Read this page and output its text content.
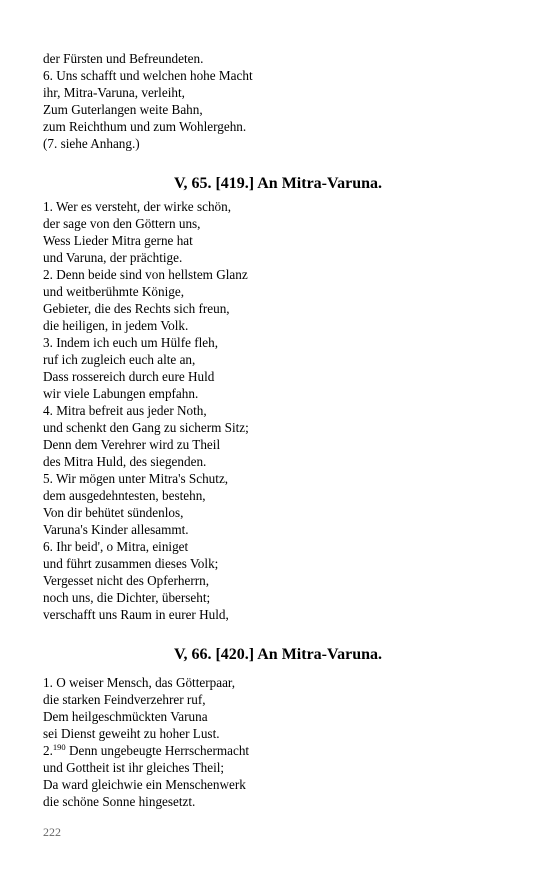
der Fürsten und Befreundeten.

6. Uns schafft und welchen hohe Macht

ihr, Mitra-Varuna, verleiht,

Zum Guterlangen weite Bahn,

zum Reichthum und zum Wohlergehn.

(7. siehe Anhang.)

V, 65. [419.] An Mitra-Varuna.

1. Wer es versteht, der wirke schön,

der sage von den Göttern uns,

Wess Lieder Mitra gerne hat

und Varuna, der prächtige.

2. Denn beide sind von hellstem Glanz

und weitberühmte Könige,

Gebieter, die des Rechts sich freun,

die heiligen, in jedem Volk.

3. Indem ich euch um Hülfe fleh,

ruf ich zugleich euch alte an,

Dass rossereich durch eure Huld

wir viele Labungen empfahn.

4. Mitra befreit aus jeder Noth,

und schenkt den Gang zu sicherm Sitz;

Denn dem Verehrer wird zu Theil

des Mitra Huld, des siegenden.

5. Wir mögen unter Mitra's Schutz,

dem ausgedehntesten, bestehn,

Von dir behütet sündenlos,

Varuna's Kinder allesammt.

6. Ihr beid', o Mitra, einiget

und führt zusammen dieses Volk;

Vergesset nicht des Opferherrn,

noch uns, die Dichter, überseht;

verschafft uns Raum in eurer Huld,

V, 66. [420.] An Mitra-Varuna.

1. O weiser Mensch, das Götterpaar,

die starken Feindverzehrer ruf,

Dem heilgeschmückten Varuna

sei Dienst geweiht zu hoher Lust.

2.$^{190}$ Denn ungebeugte Herrschermacht

und Gottheit ist ihr gleiches Theil;

Da ward gleichwie ein Menschenwerk

die schöne Sonne hingesetzt.

222
